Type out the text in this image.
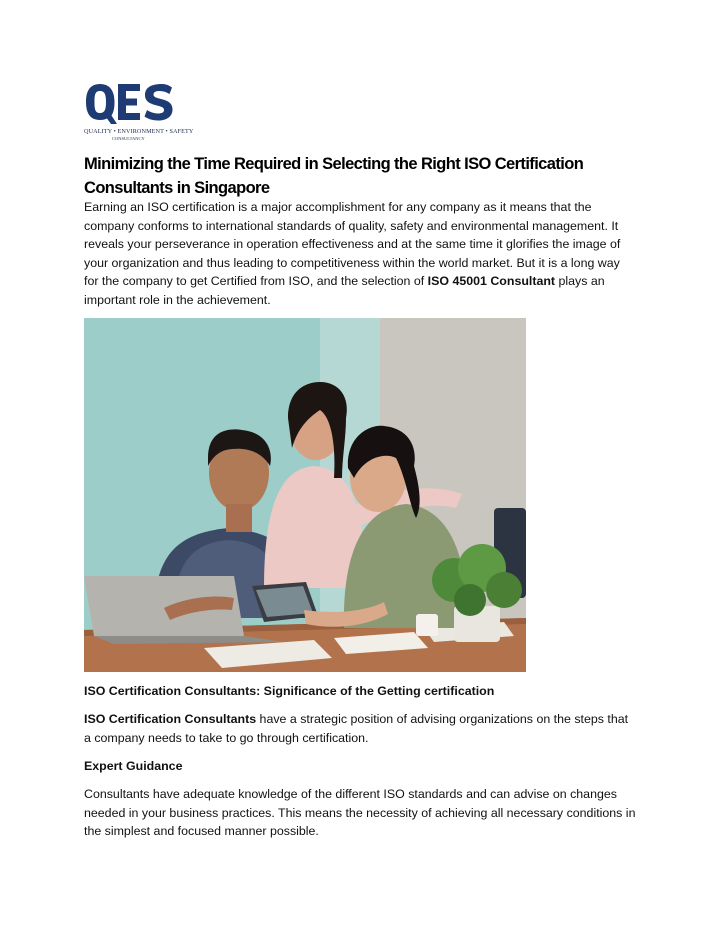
QUALITY • ENVIRONMENT • SAFETY
CONSULTANCY
Minimizing the Time Required in Selecting the Right ISO Certification Consultants in Singapore

Earning an ISO certification is a major accomplishment for any company as it means that the company conforms to international standards of quality, safety and environmental management. It reveals your perseverance in operation effectiveness and at the same time it glorifies the image of your organization and thus leading to competitiveness within the world market. But it is a long way for the company to get Certified from ISO, and the selection of ISO 45001 Consultant plays an important role in the achievement.

ISO Certification Consultants: Significance of the Getting certification

ISO Certification Consultants have a strategic position of advising organizations on the steps that a company needs to take to go through certification.

Expert Guidance

Consultants have adequate knowledge of the different ISO standards and can advise on changes needed in your business practices. This means the necessity of achieving all necessary conditions in the simplest and focused manner possible.
